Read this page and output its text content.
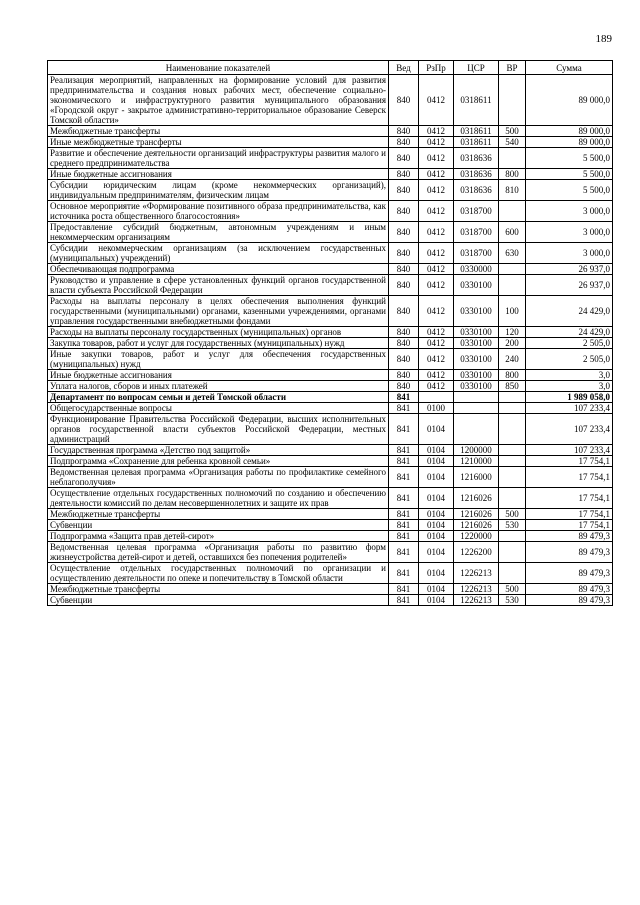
189
Наименование показателей	Вед	РзПр	ЦСР	ВР	Сумма
Реализация мероприятий, направленных на формирование условий для развития предпринимательства и создания новых рабочих мест, обеспечение социально-экономического и инфраструктурного развития муниципального образования «Городской округ - закрытое административно-территориальное образование Северск Томской области»	840	0412	0318611		89 000,0
Межбюджетные трансферты	840	0412	0318611	500	89 000,0
Иные межбюджетные трансферты	840	0412	0318611	540	89 000,0
Развитие и обеспечение деятельности организаций инфраструктуры развития малого и среднего предпринимательства	840	0412	0318636		5 500,0
Иные бюджетные ассигнования	840	0412	0318636	800	5 500,0
Субсидии юридическим лицам (кроме некоммерческих организаций), индивидуальным предпринимателям, физическим лицам	840	0412	0318636	810	5 500,0
Основное мероприятие «Формирование позитивного образа предпринимательства, как источника роста общественного благосостояния»	840	0412	0318700		3 000,0
Предоставление субсидий бюджетным, автономным учреждениям и иным некоммерческим организациям	840	0412	0318700	600	3 000,0
Субсидии некоммерческим организациям (за исключением государственных (муниципальных) учреждений)	840	0412	0318700	630	3 000,0
Обеспечивающая подпрограмма	840	0412	0330000		26 937,0
Руководство и управление в сфере установленных функций органов государственной власти субъекта Российской Федерации	840	0412	0330100		26 937,0
Расходы на выплаты персоналу в целях обеспечения выполнения функций государственными (муниципальными) органами, казенными учреждениями, органами управления государственными внебюджетными фондами	840	0412	0330100	100	24 429,0
Расходы на выплаты персоналу государственных (муниципальных) органов	840	0412	0330100	120	24 429,0
Закупка товаров, работ и услуг для государственных (муниципальных) нужд	840	0412	0330100	200	2 505,0
Иные закупки товаров, работ и услуг для обеспечения государственных (муниципальных) нужд	840	0412	0330100	240	2 505,0
Иные бюджетные ассигнования	840	0412	0330100	800	3,0
Уплата налогов, сборов и иных платежей	840	0412	0330100	850	3,0
Департамент по вопросам семьи и детей Томской области	841				1 989 058,0
Общегосударственные вопросы	841	0100			107 233,4
Функционирование Правительства Российской Федерации, высших исполнительных органов государственной власти субъектов Российской Федерации, местных администраций	841	0104			107 233,4
Государственная программа «Детство под защитой»	841	0104	1200000		107 233,4
Подпрограмма «Сохранение для ребенка кровной семьи»	841	0104	1210000		17 754,1
Ведомственная целевая программа «Организация работы по профилактике семейного неблагополучия»	841	0104	1216000		17 754,1
Осуществление отдельных государственных полномочий по созданию и обеспечению деятельности комиссий по делам несовершеннолетних и защите их прав	841	0104	1216026		17 754,1
Межбюджетные трансферты	841	0104	1216026	500	17 754,1
Субвенции	841	0104	1216026	530	17 754,1
Подпрограмма «Защита прав детей-сирот»	841	0104	1220000		89 479,3
Ведомственная целевая программа «Организация работы по развитию форм жизнеустройства детей-сирот и детей, оставшихся без попечения родителей»	841	0104	1226200		89 479,3
Осуществление отдельных государственных полномочий по организации и осуществлению деятельности по опеке и попечительству в Томской области	841	0104	1226213		89 479,3
Межбюджетные трансферты	841	0104	1226213	500	89 479,3
Субвенции	841	0104	1226213	530	89 479,3
